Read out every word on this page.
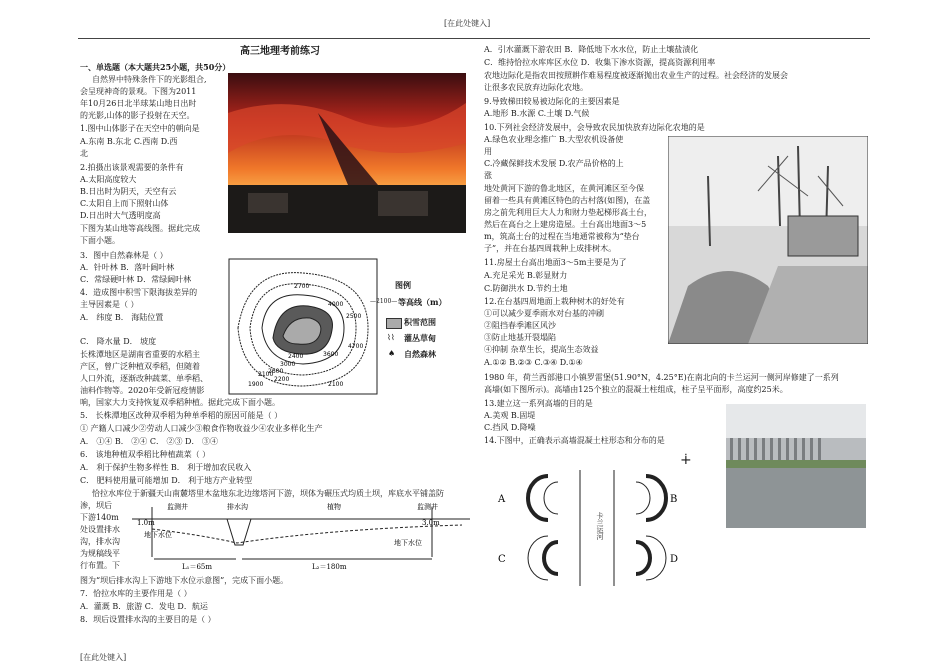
[在此处键入]
[在此处键入]
高三地理考前练习
一、单选题（本大题共25小题，共50分）
自然界中特殊条件下的光影组合,
会呈现神奇的景观。下图为2011
年10月26日北半球某山地日出时
的光影,山体的影子投射在天空。
1.图中山体影子在天空中的朝向是
A.东南 B.东北 C.西南 D.西
北
2.拍摄出该景观需要的条件有
A.太阳高度较大
B.日出时为阴天，天空有云
C.太阳自上而下照射山体
D.日出时大气透明度高
下图为某山地等高线图。据此完成
下面小题。
3．图中自然森林是（ ）
A．针叶林 B．落叶阔叶林
C．常绿硬叶林 D．常绿阔叶林
4．造成图中积雪下限海拔差异的
主导因素是（ ）
A． 纬度 B． 海陆位置
C． 降水量 D． 坡度
长株潭地区是湖南省重要的水稻主
产区，曾广泛种植双季稻，但随着
人口外流，逐渐改种蔬菜、单季稻、
油料作物等。2020年受新冠疫情影
响，国家大力支持恢复双季稻种植。据此完成下面小题。
5． 长株潭地区改种双季稻为种单季稻的原因可能是（ ）
① 产籍人口减少②劳动人口减少③粮食作物收益少④农业多样化生产
A． ①④ B． ②④ C． ②③ D． ③④
6． 该地种植双季稻比种植蔬菜（ ）
A． 利于保护生物多样性 B． 利于增加农民收入
C． 肥料使用量可能增加 D． 利于地方产业转型
恰拉水库位于新疆天山南麓塔里木盆地东北边缘塔河下游，坝体为碾压式均质土坝，库底水平铺盖防
渗，坝后
下游140m
处设置排水
沟，排水沟
为规稿线平
行布置。下
图为“坝后排水沟上下游地下水位示意图”，完成下面小题。
7．恰拉水库的主要作用是（ ）
A．灌溉 B．旅游 C．发电 D．航运
8．坝后设置排水沟的主要目的是（ ）
4700
4000
3600
3000
2600
2200
2700
2400
2500
1900
2100
2100
图例
—2100— 等高线（m）
积雪范围
⌇⌇ 灌丛草甸
♠ 自然森林
监测井	排水沟	植物	监测井
1.0m	3.0m
地下水位
地下水位
L₁＝65m	L₂＝180m
A．引水灌溉下游农田 B．降低地下水水位，防止土壤盐渍化
C．维持恰拉水库库区水位 D．收集下渗水资源，提高资源利用率
农地边际化是指农田按照耕作难易程度被逐渐抛出农业生产的过程。社会经济的发展会
让很多农民放弃边际化农地。
9.导致梯田较易被边际化的主要因素是
A.地形 B.水源 C.土壤 D.气候
10.下列社会经济发展中，会导致农民加快放弃边际化农地的是
A.绿色农业理念推广 B.大型农机设备使
用
C.冷藏保鲜技术发展 D.农产品价格的上
涨
地处黄河下游的鲁北地区，在黄河滩区至今保
留着一些具有黄滩区特色的古村落(如图)，在盖
房之前先利用巨大人力和财力垫起梯形高土台，
然后在高台之上建房造屋。土台高出地面3～5
m，筑高土台的过程在当地通常被称为“垫台
子”，并在台基四周栽种上成排树木。
11.房屋土台高出地面3～5m主要是为了
A.充足采光 B.彰显财力
C.防御洪水 D.节约土地
12.在台基四周地面上栽种树木的好处有
①可以减少夏季雨水对台基的冲刷
②阻挡春季滩区风沙
③防止地基开裂塌陷
④抑制 杂草生长，提高生态效益
A.①② B.②③ C.③④ D.①④
1980 年，荷兰西部港口小镇罗雷堡(51.90°N，4.25°E)在南北向的卡兰运河一侧河岸修建了一系列
高墙(如下图所示)。高墙由125个独立的混凝土柱组成，柱子呈平面形，高度约25米。
13.建立这一系列高墙的目的是
A.美观 B.固堤
C.挡风 D.降噪
14.下图中，正确表示高墙混凝土柱形态和分布的是
A	B
C	D
卡兰运河
∔
